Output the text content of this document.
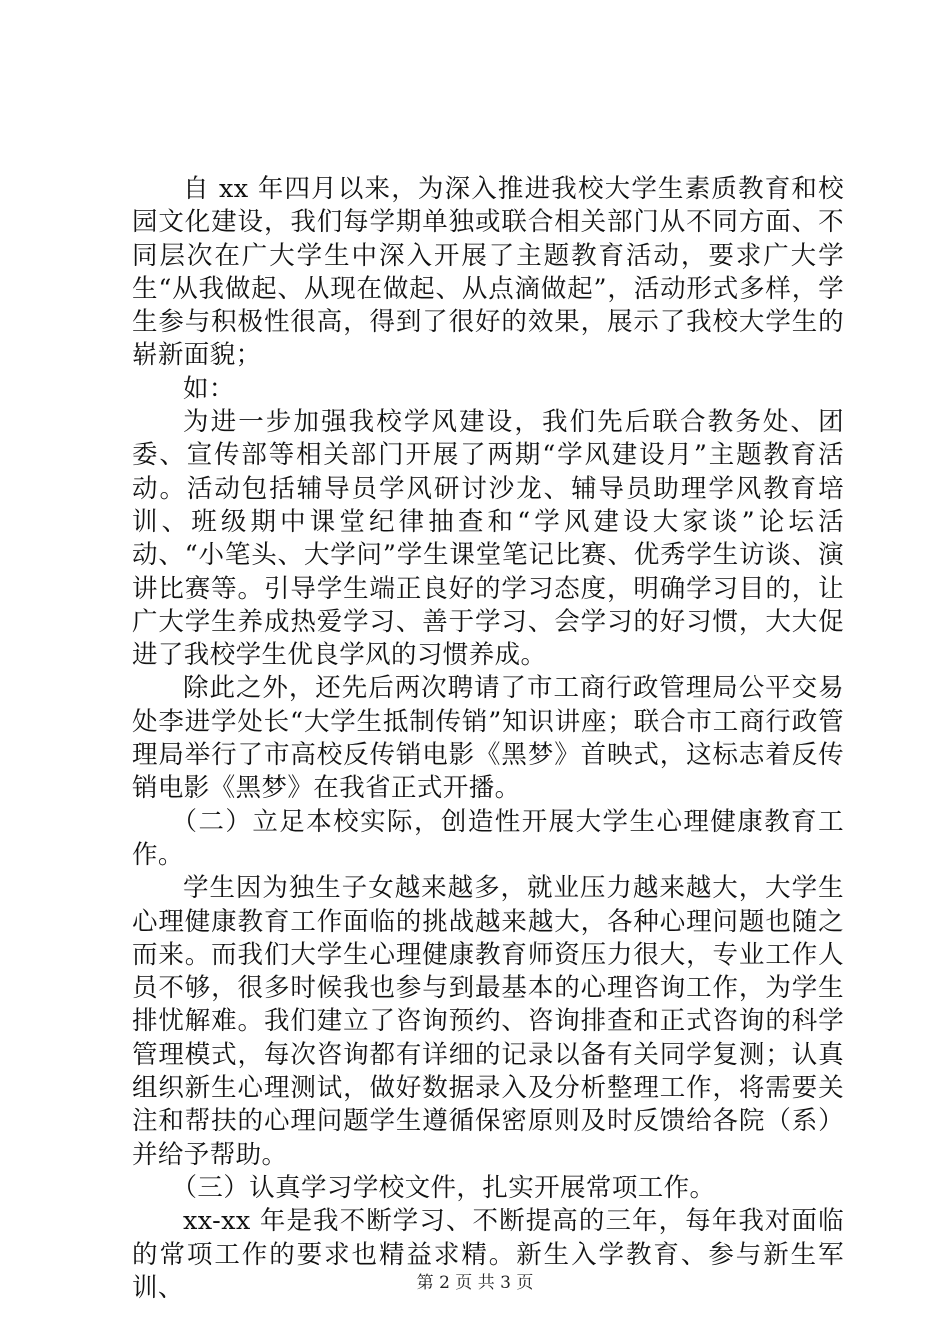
自 xx 年四月以来，为深入推进我校大学生素质教育和校园文化建设，我们每学期单独或联合相关部门从不同方面、不同层次在广大学生中深入开展了主题教育活动，要求广大学生“从我做起、从现在做起、从点滴做起”，活动形式多样，学生参与积极性很高，得到了很好的效果，展示了我校大学生的崭新面貌；

如：

为进一步加强我校学风建设，我们先后联合教务处、团委、宣传部等相关部门开展了两期“学风建设月”主题教育活动。活动包括辅导员学风研讨沙龙、辅导员助理学风教育培训、班级期中课堂纪律抽查和“学风建设大家谈”论坛活动、“小笔头、大学问”学生课堂笔记比赛、优秀学生访谈、演讲比赛等。引导学生端正良好的学习态度，明确学习目的，让广大学生养成热爱学习、善于学习、会学习的好习惯，大大促进了我校学生优良学风的习惯养成。

除此之外，还先后两次聘请了市工商行政管理局公平交易处李进学处长“大学生抵制传销”知识讲座；联合市工商行政管理局举行了市高校反传销电影《黑梦》首映式，这标志着反传销电影《黑梦》在我省正式开播。

（二）立足本校实际，创造性开展大学生心理健康教育工作。

学生因为独生子女越来越多，就业压力越来越大，大学生心理健康教育工作面临的挑战越来越大，各种心理问题也随之而来。而我们大学生心理健康教育师资压力很大，专业工作人员不够，很多时候我也参与到最基本的心理咨询工作，为学生排忧解难。我们建立了咨询预约、咨询排查和正式咨询的科学管理模式，每次咨询都有详细的记录以备有关同学复测；认真组织新生心理测试，做好数据录入及分析整理工作，将需要关注和帮扶的心理问题学生遵循保密原则及时反馈给各院（系）并给予帮助。

（三）认真学习学校文件，扎实开展常项工作。

xx-xx 年是我不断学习、不断提高的三年，每年我对面临的常项工作的要求也精益求精。新生入学教育、参与新生军训、	第 2 页 共 3 页
